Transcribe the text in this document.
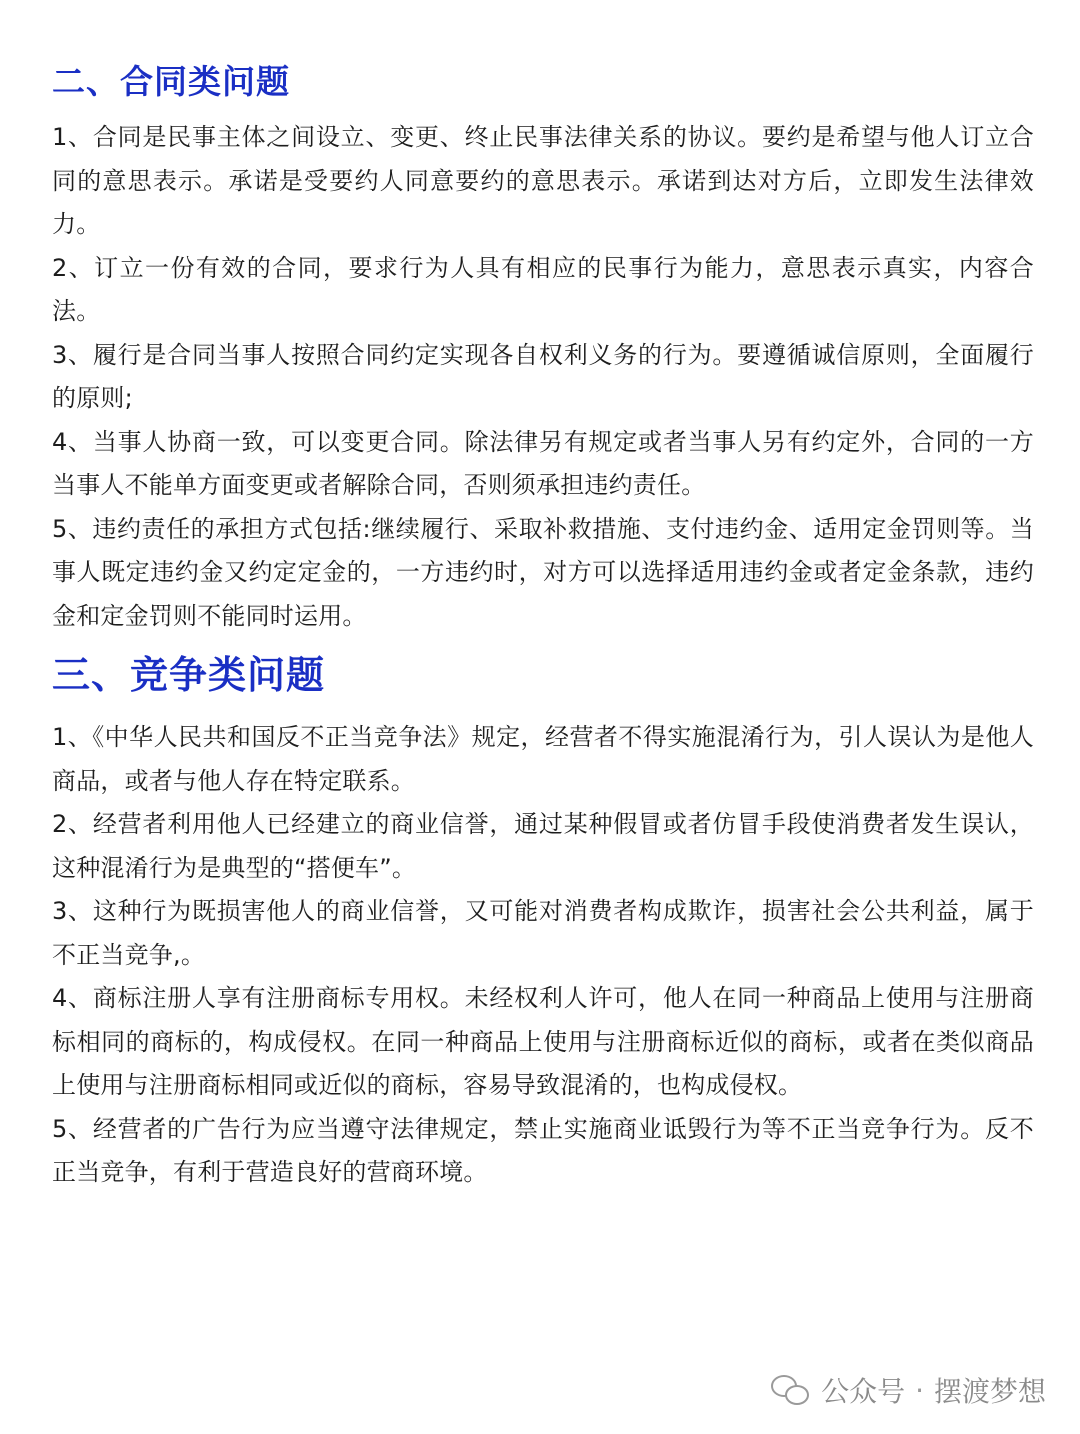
二、合同类问题

1、合同是民事主体之间设立、变更、终止民事法律关系的协议。要约是希望与他人订立合同的意思表示。承诺是受要约人同意要约的意思表示。承诺到达对方后，立即发生法律效力。

2、订立一份有效的合同，要求行为人具有相应的民事行为能力，意思表示真实，内容合法。

3、履行是合同当事人按照合同约定实现各自权利义务的行为。要遵循诚信原则，全面履行的原则;

4、当事人协商一致，可以变更合同。除法律另有规定或者当事人另有约定外，合同的一方当事人不能单方面变更或者解除合同，否则须承担违约责任。

5、违约责任的承担方式包括:继续履行、采取补救措施、支付违约金、适用定金罚则等。当事人既定违约金又约定定金的，一方违约时，对方可以选择适用违约金或者定金条款，违约金和定金罚则不能同时运用。

三、竞争类问题

1、《中华人民共和国反不正当竞争法》规定，经营者不得实施混淆行为，引人误认为是他人商品，或者与他人存在特定联系。

2、经营者利用他人已经建立的商业信誉，通过某种假冒或者仿冒手段使消费者发生误认，这种混淆行为是典型的“搭便车”。

3、这种行为既损害他人的商业信誉，又可能对消费者构成欺诈，损害社会公共利益，属于不正当竞争,。

4、商标注册人享有注册商标专用权。未经权利人许可，他人在同一种商品上使用与注册商标相同的商标的，构成侵权。在同一种商品上使用与注册商标近似的商标，或者在类似商品上使用与注册商标相同或近似的商标，容易导致混淆的，也构成侵权。

5、经营者的广告行为应当遵守法律规定，禁止实施商业诋毁行为等不正当竞争行为。反不正当竞争，有利于营造良好的营商环境。

公众号 · 摆渡梦想
